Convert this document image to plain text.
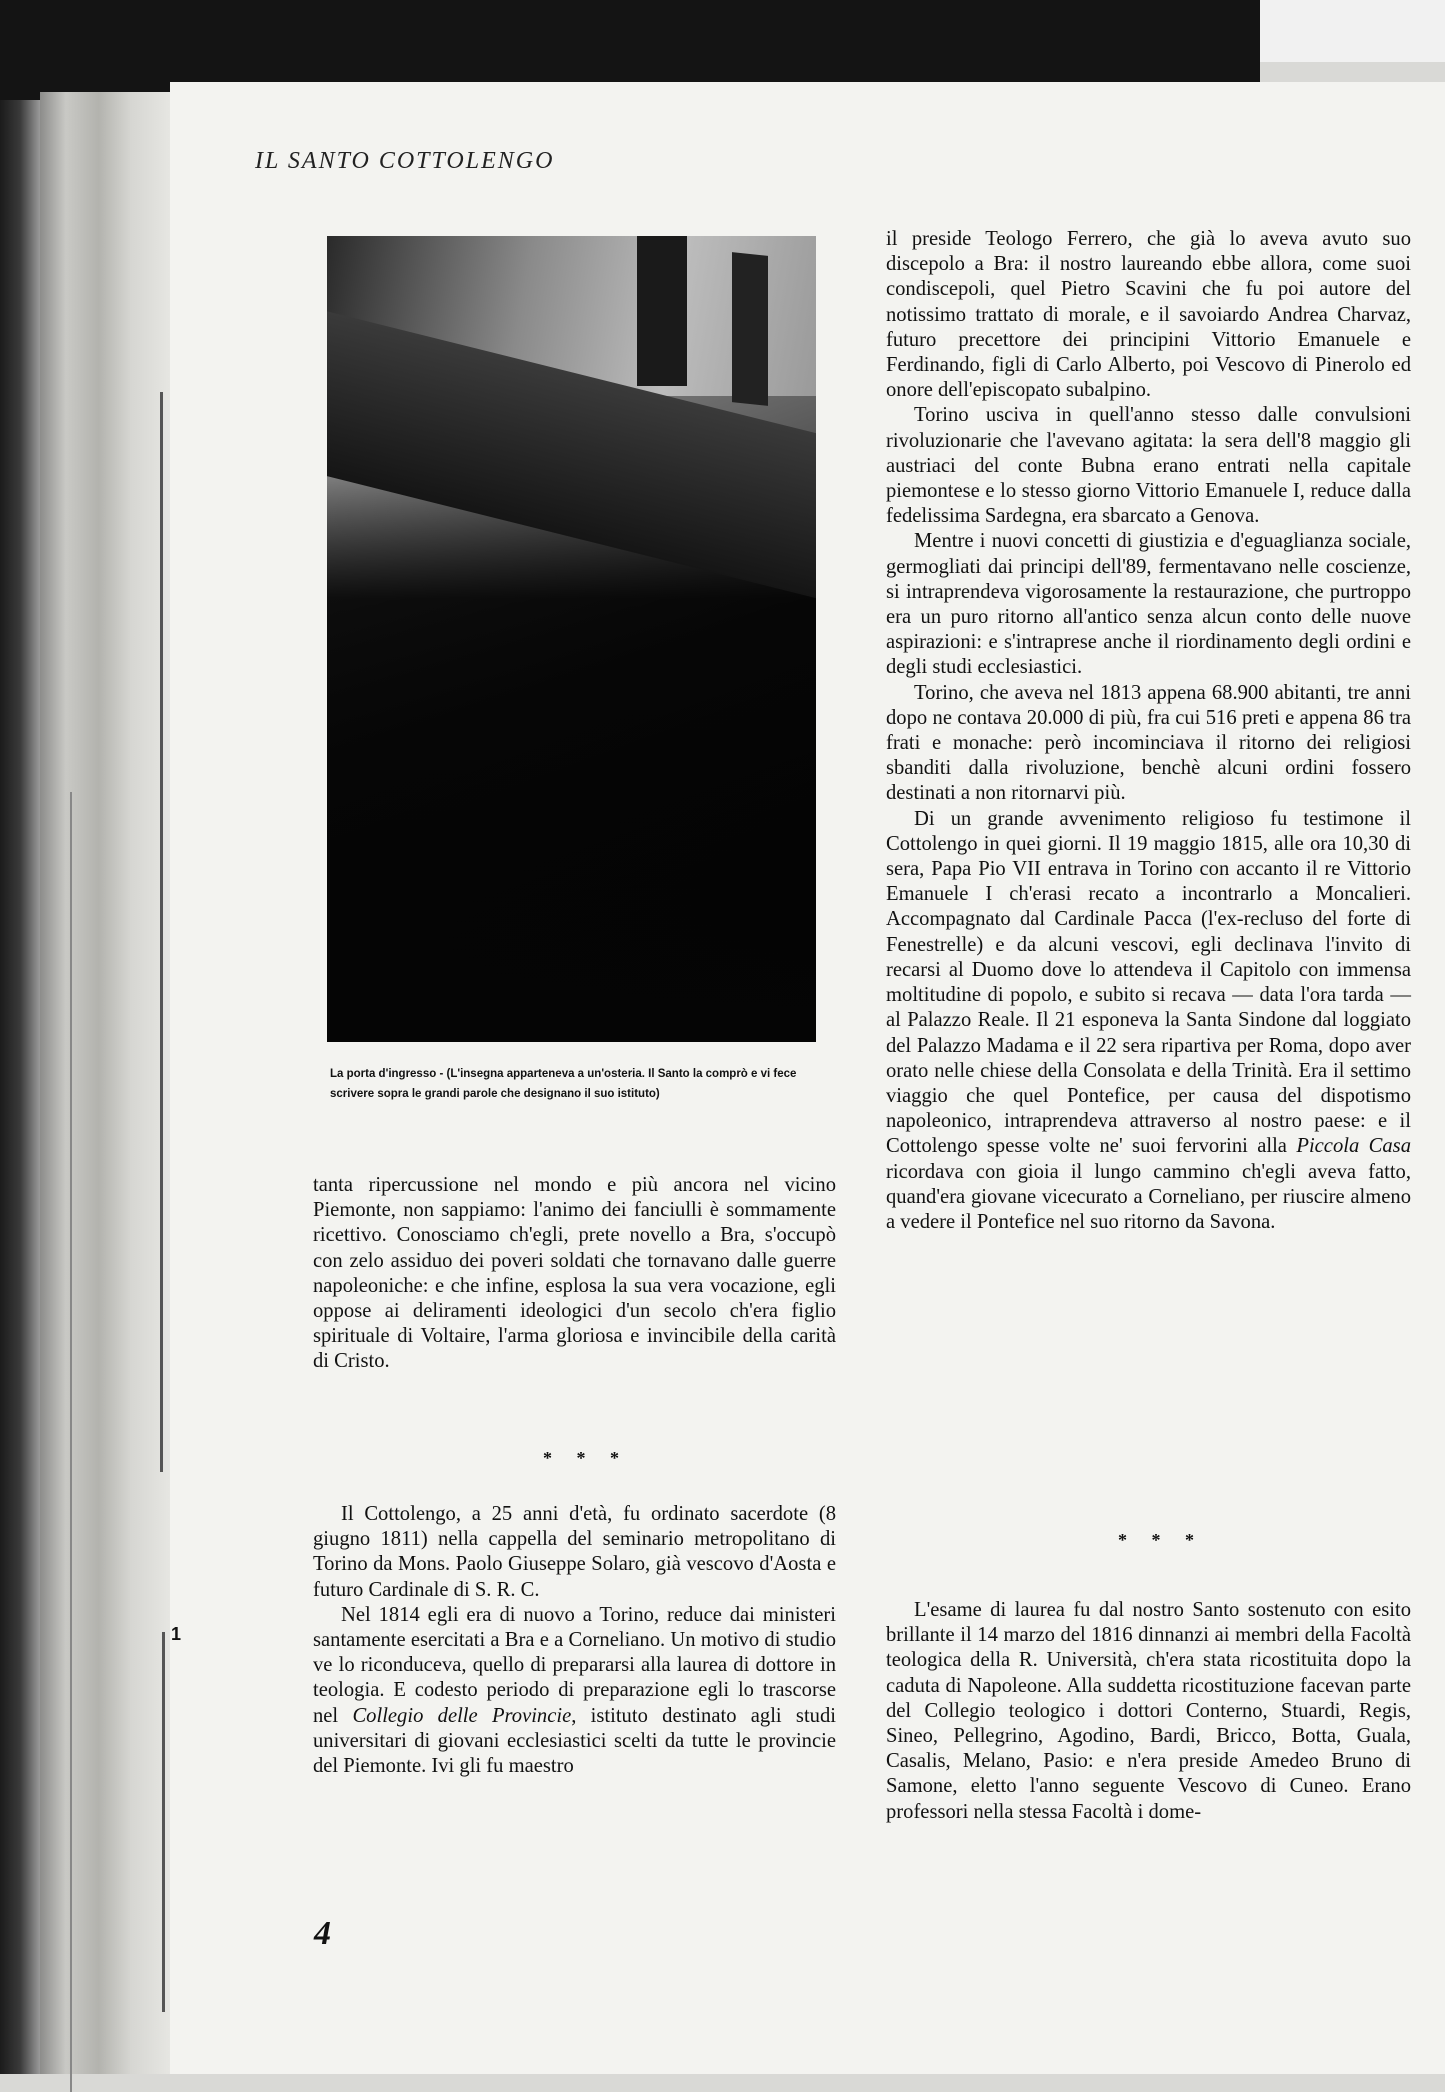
IL SANTO COTTOLENGO
La porta d'ingresso - (L'insegna apparteneva a un'osteria. Il Santo la comprò e vi fece scrivere sopra le grandi parole che designano il suo istituto)

tanta ripercussione nel mondo e più ancora nel vicino Piemonte, non sappiamo: l'animo dei fanciulli è sommamente ricettivo. Conosciamo ch'egli, prete novello a Bra, s'occupò con zelo assiduo dei poveri soldati che tornavano dalle guerre napoleoniche: e che infine, esplosa la sua vera vocazione, egli oppose ai deliramenti ideologici d'un secolo ch'era figlio spirituale di Voltaire, l'arma gloriosa e invincibile della carità di Cristo.

* * *

Il Cottolengo, a 25 anni d'età, fu ordinato sacerdote (8 giugno 1811) nella cappella del seminario metropolitano di Torino da Mons. Paolo Giuseppe Solaro, già vescovo d'Aosta e futuro Cardinale di S. R. C.

Nel 1814 egli era di nuovo a Torino, reduce dai ministeri santamente esercitati a Bra e a Corneliano. Un motivo di studio ve lo riconduceva, quello di prepararsi alla laurea di dottore in teologia. E codesto periodo di preparazione egli lo trascorse nel Collegio delle Provincie, istituto destinato agli studi universitari di giovani ecclesiastici scelti da tutte le provincie del Piemonte. Ivi gli fu maestro

il preside Teologo Ferrero, che già lo aveva avuto suo discepolo a Bra: il nostro laureando ebbe allora, come suoi condiscepoli, quel Pietro Scavini che fu poi autore del notissimo trattato di morale, e il savoiardo Andrea Charvaz, futuro precettore dei principini Vittorio Emanuele e Ferdinando, figli di Carlo Alberto, poi Vescovo di Pinerolo ed onore dell'episcopato subalpino.

Torino usciva in quell'anno stesso dalle convulsioni rivoluzionarie che l'avevano agitata: la sera dell'8 maggio gli austriaci del conte Bubna erano entrati nella capitale piemontese e lo stesso giorno Vittorio Emanuele I, reduce dalla fedelissima Sardegna, era sbarcato a Genova.

Mentre i nuovi concetti di giustizia e d'eguaglianza sociale, germogliati dai principi dell'89, fermentavano nelle coscienze, si intraprendeva vigorosamente la restaurazione, che purtroppo era un puro ritorno all'antico senza alcun conto delle nuove aspirazioni: e s'intraprese anche il riordinamento degli ordini e degli studi ecclesiastici.

Torino, che aveva nel 1813 appena 68.900 abitanti, tre anni dopo ne contava 20.000 di più, fra cui 516 preti e appena 86 tra frati e monache: però incominciava il ritorno dei religiosi sbanditi dalla rivoluzione, benchè alcuni ordini fossero destinati a non ritornarvi più.

Di un grande avvenimento religioso fu testimone il Cottolengo in quei giorni. Il 19 maggio 1815, alle ora 10,30 di sera, Papa Pio VII entrava in Torino con accanto il re Vittorio Emanuele I ch'erasi recato a incontrarlo a Moncalieri. Accompagnato dal Cardinale Pacca (l'ex-recluso del forte di Fenestrelle) e da alcuni vescovi, egli declinava l'invito di recarsi al Duomo dove lo attendeva il Capitolo con immensa moltitudine di popolo, e subito si recava — data l'ora tarda — al Palazzo Reale. Il 21 esponeva la Santa Sindone dal loggiato del Palazzo Madama e il 22 sera ripartiva per Roma, dopo aver orato nelle chiese della Consolata e della Trinità. Era il settimo viaggio che quel Pontefice, per causa del dispotismo napoleonico, intraprendeva attraverso al nostro paese: e il Cottolengo spesse volte ne' suoi fervorini alla Piccola Casa ricordava con gioia il lungo cammino ch'egli aveva fatto, quand'era giovane vicecurato a Corneliano, per riuscire almeno a vedere il Pontefice nel suo ritorno da Savona.

* * *

L'esame di laurea fu dal nostro Santo sostenuto con esito brillante il 14 marzo del 1816 dinnanzi ai membri della Facoltà teologica della R. Università, ch'era stata ricostituita dopo la caduta di Napoleone. Alla suddetta ricostituzione facevan parte del Collegio teologico i dottori Conterno, Stuardi, Regis, Sineo, Pellegrino, Agodino, Bardi, Bricco, Botta, Guala, Casalis, Melano, Pasio: e n'era preside Amedeo Bruno di Samone, eletto l'anno seguente Vescovo di Cuneo. Erano professori nella stessa Facoltà i dome-

1
4
